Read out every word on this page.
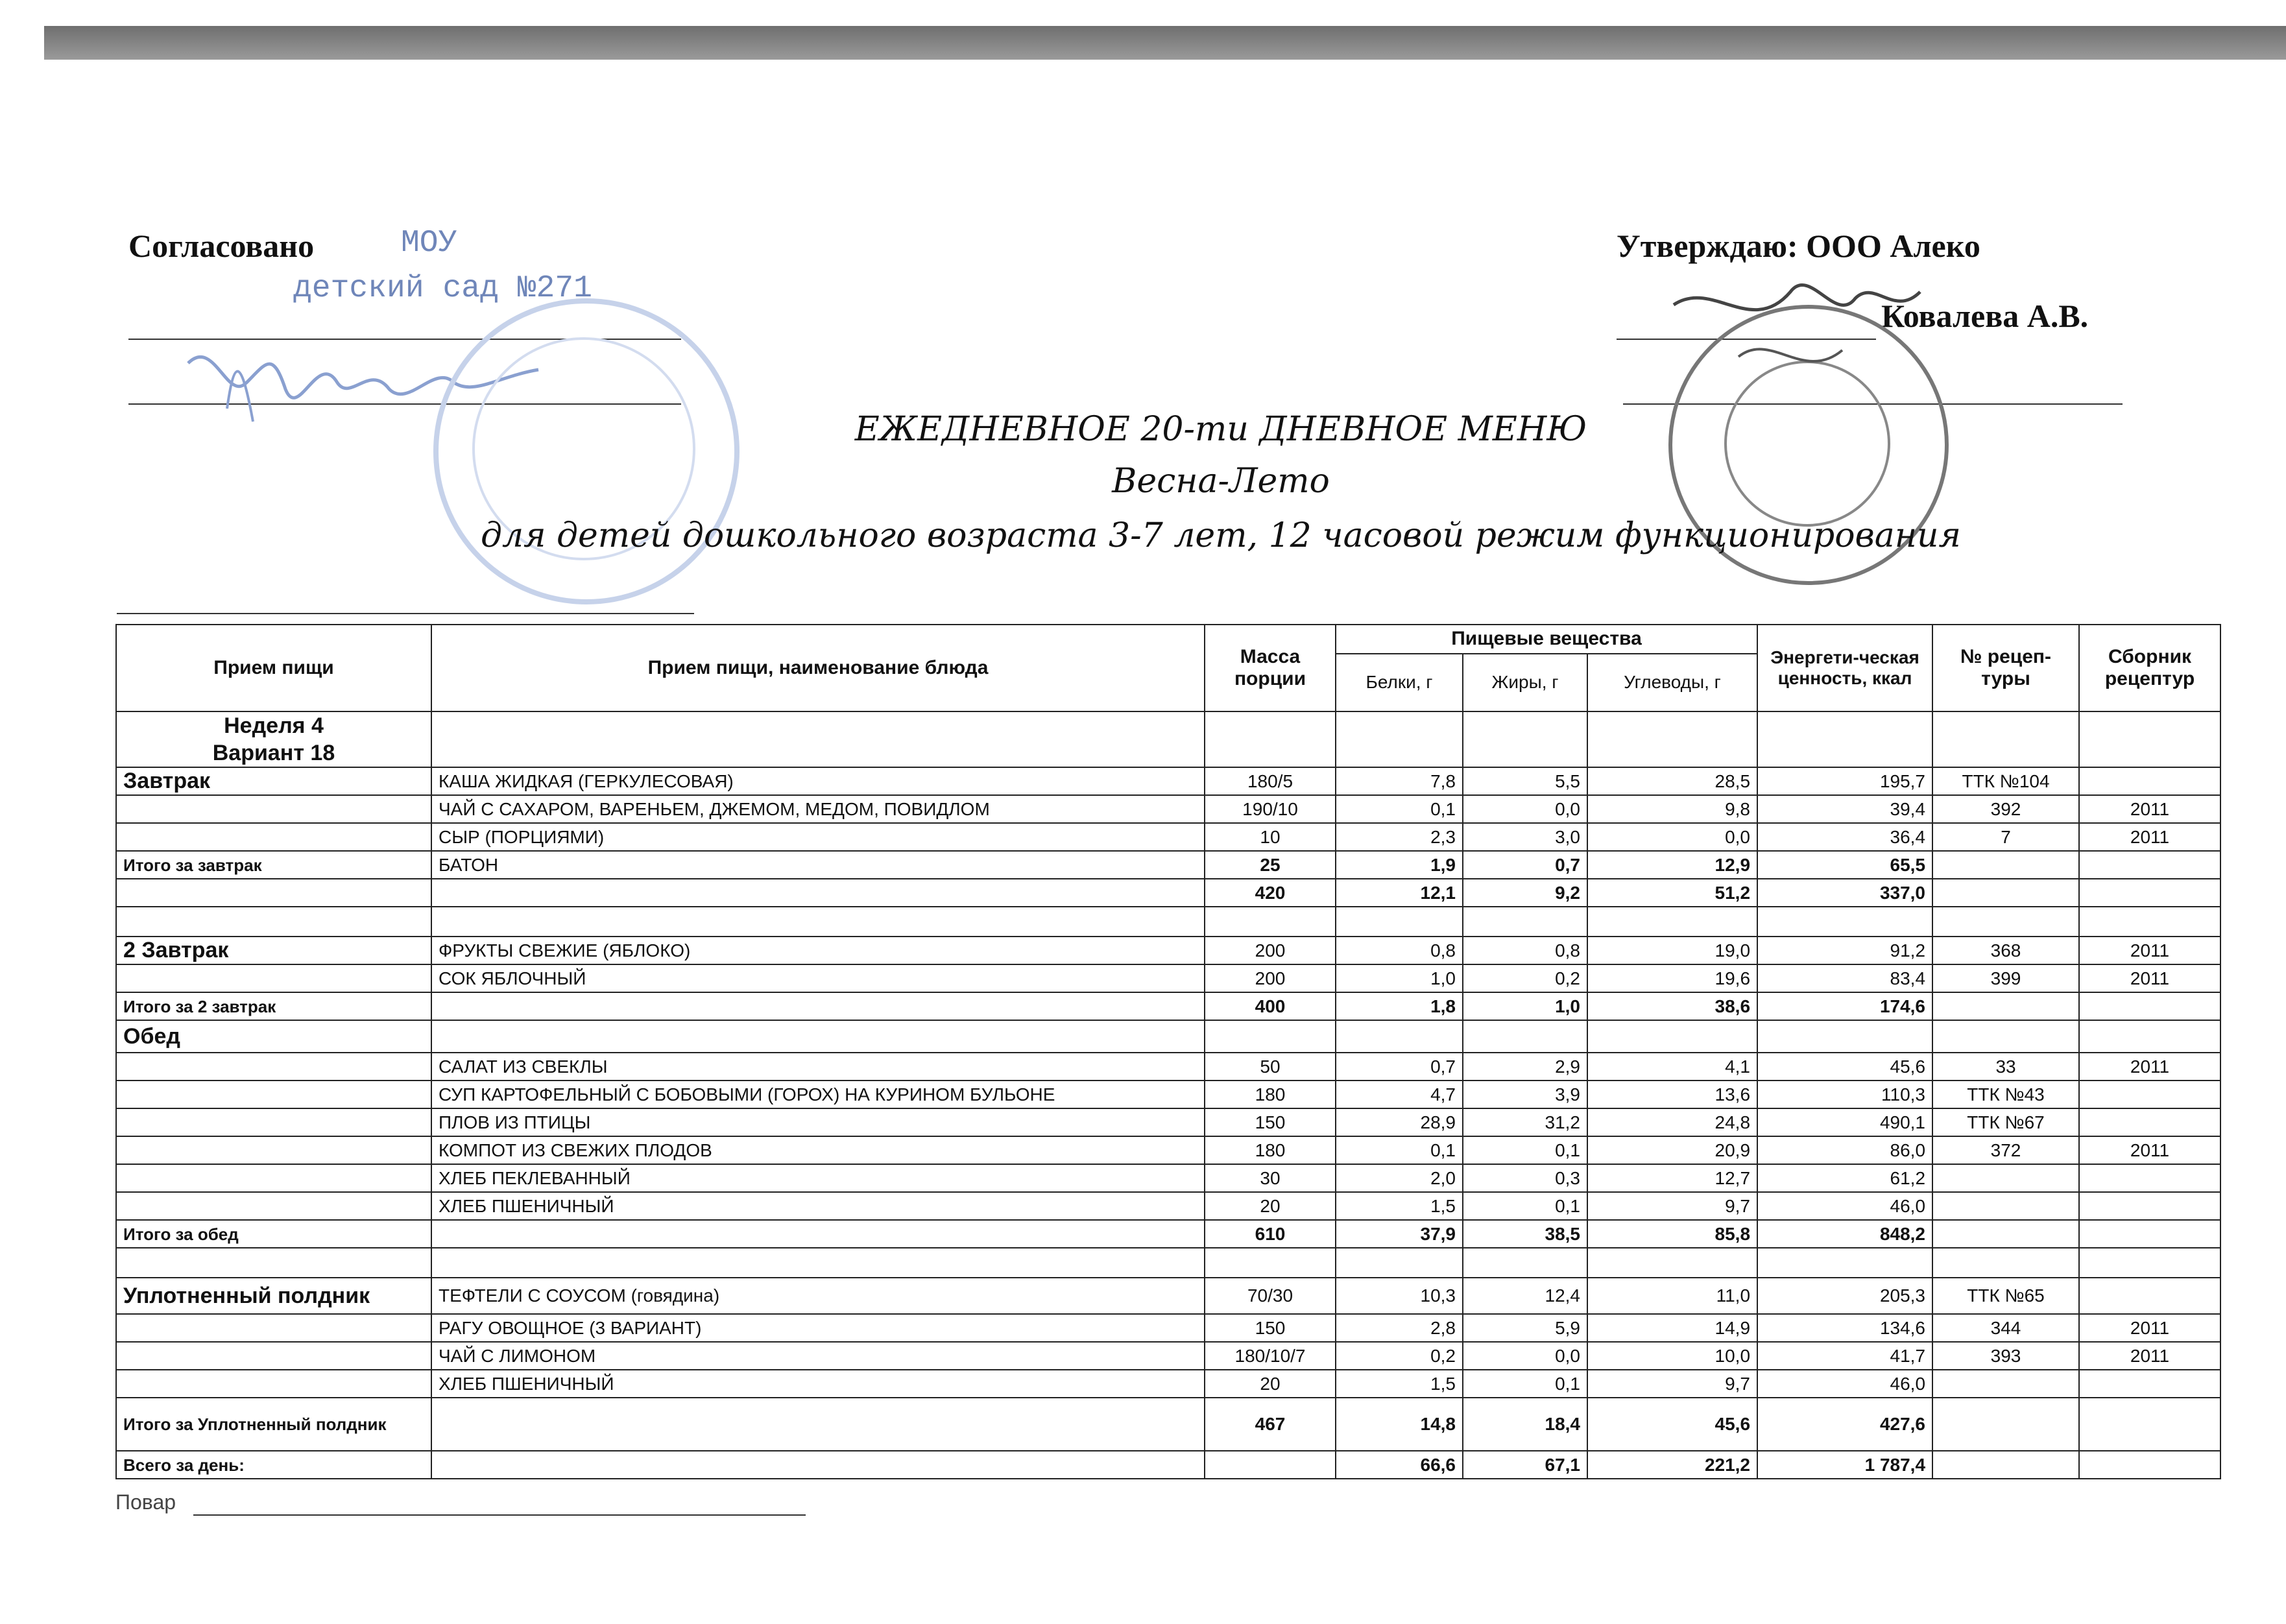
Согласовано	МОУ
детский сад №271
Утверждаю: ООО Алеко
Ковалева А.В.
ЕЖЕДНЕВНОЕ 20-ти ДНЕВНОЕ МЕНЮ
Весна-Лето
для детей дошкольного возраста 3-7 лет, 12 часовой режим функционирования
Прием пищи	Прием пищи, наименование блюда	Масса порции	Пищевые вещества			Энергети-ческая ценность, ккал	№ рецеп-туры	Сборник рецептур
			Белки, г	Жиры, г	Углеводы, г			

Неделя 4
Вариант 18								

Завтрак	КАША ЖИДКАЯ (ГЕРКУЛЕСОВАЯ)	180/5	7,8	5,5	28,5	195,7	ТТК №104	
	ЧАЙ С САХАРОМ, ВАРЕНЬЕМ, ДЖЕМОМ, МЕДОМ, ПОВИДЛОМ	190/10	0,1	0,0	9,8	39,4	392	2011
	СЫР (ПОРЦИЯМИ)	10	2,3	3,0	0,0	36,4	7	2011
Итого за завтрак	БАТОН	25	1,9	0,7	12,9	65,5		
		420	12,1	9,2	51,2	337,0		

2 Завтрак	ФРУКТЫ СВЕЖИЕ (ЯБЛОКО)	200	0,8	0,8	19,0	91,2	368	2011
	СОК ЯБЛОЧНЫЙ	200	1,0	0,2	19,6	83,4	399	2011
Итого за 2 завтрак		400	1,8	1,0	38,6	174,6		
Обед								
	САЛАТ ИЗ СВЕКЛЫ	50	0,7	2,9	4,1	45,6	33	2011
	СУП КАРТОФЕЛЬНЫЙ С БОБОВЫМИ (ГОРОХ) НА КУРИНОМ БУЛЬОНЕ	180	4,7	3,9	13,6	110,3	ТТК №43	
	ПЛОВ ИЗ ПТИЦЫ	150	28,9	31,2	24,8	490,1	ТТК №67	
	КОМПОТ ИЗ СВЕЖИХ ПЛОДОВ	180	0,1	0,1	20,9	86,0	372	2011
	ХЛЕБ ПЕКЛЕВАННЫЙ	30	2,0	0,3	12,7	61,2		
	ХЛЕБ ПШЕНИЧНЫЙ	20	1,5	0,1	9,7	46,0		
Итого за обед		610	37,9	38,5	85,8	848,2		

Уплотненный полдник	ТЕФТЕЛИ С СОУСОМ (говядина)	70/30	10,3	12,4	11,0	205,3	ТТК №65	
	РАГУ ОВОЩНОЕ (3 ВАРИАНТ)	150	2,8	5,9	14,9	134,6	344	2011
	ЧАЙ С ЛИМОНОМ	180/10/7	0,2	0,0	10,0	41,7	393	2011
	ХЛЕБ ПШЕНИЧНЫЙ	20	1,5	0,1	9,7	46,0		
Итого за Уплотненный полдник		467	14,8	18,4	45,6	427,6		
Всего за день:			66,6	67,1	221,2	1 787,4		
Повар
